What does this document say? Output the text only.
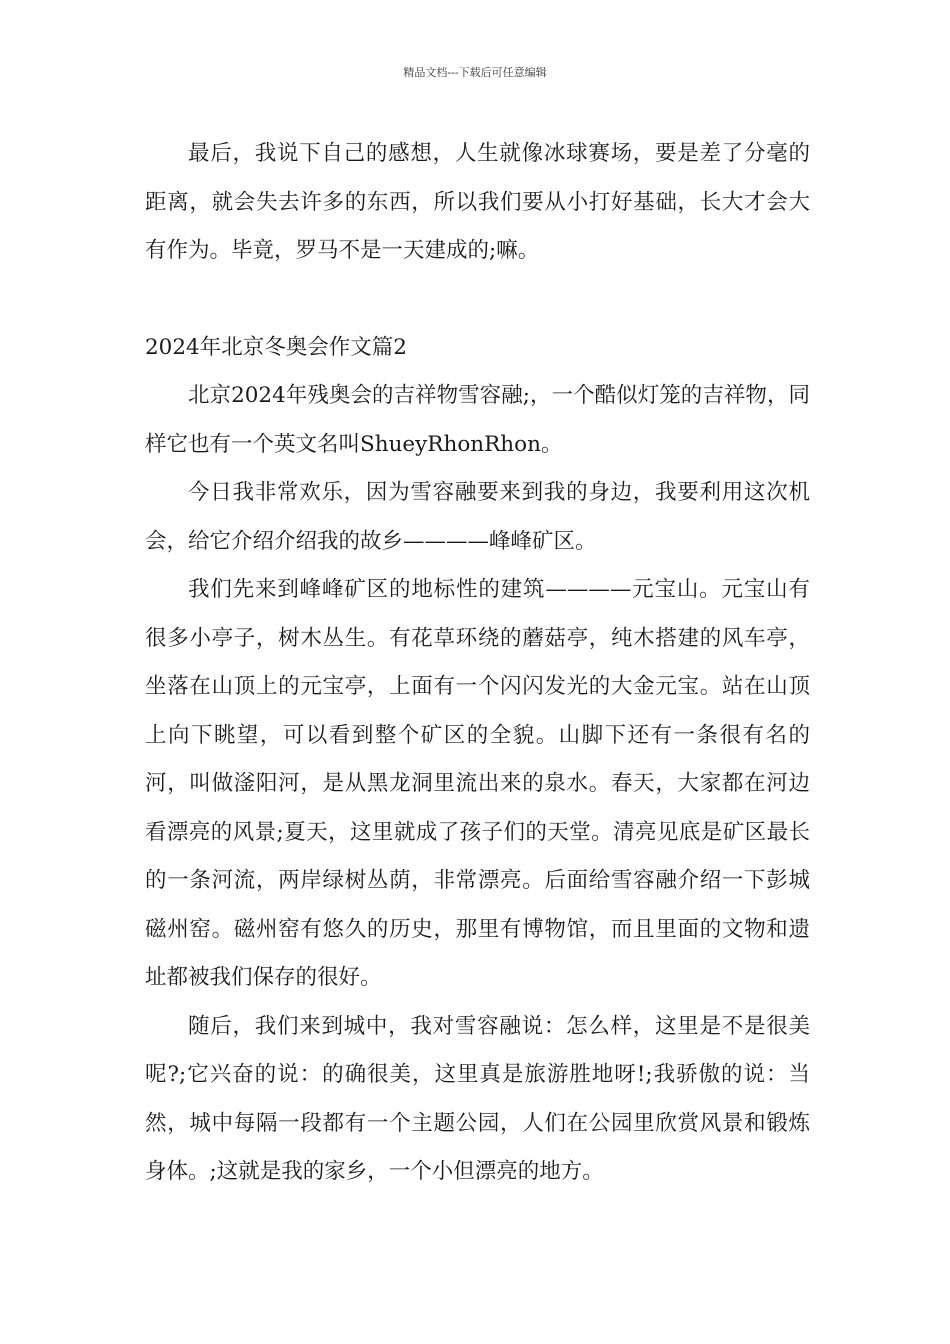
精品文档---下载后可任意编辑

最后，我说下自己的感想，人生就像冰球赛场，要是差了分毫的距离，就会失去许多的东西，所以我们要从小打好基础，长大才会大有作为。毕竟，罗马不是一天建成的;嘛。

2024年北京冬奥会作文篇2

北京2024年残奥会的吉祥物雪容融;，一个酷似灯笼的吉祥物，同样它也有一个英文名叫ShueyRhonRhon。

今日我非常欢乐，因为雪容融要来到我的身边，我要利用这次机会，给它介绍介绍我的故乡————峰峰矿区。

我们先来到峰峰矿区的地标性的建筑————元宝山。元宝山有很多小亭子，树木丛生。有花草环绕的蘑菇亭，纯木搭建的风车亭，坐落在山顶上的元宝亭，上面有一个闪闪发光的大金元宝。站在山顶上向下眺望，可以看到整个矿区的全貌。山脚下还有一条很有名的河，叫做滏阳河，是从黑龙洞里流出来的泉水。春天，大家都在河边看漂亮的风景;夏天，这里就成了孩子们的天堂。清亮见底是矿区最长的一条河流，两岸绿树丛荫，非常漂亮。后面给雪容融介绍一下彭城磁州窑。磁州窑有悠久的历史，那里有博物馆，而且里面的文物和遗址都被我们保存的很好。

随后，我们来到城中，我对雪容融说：怎么样，这里是不是很美呢?;它兴奋的说：的确很美，这里真是旅游胜地呀!;我骄傲的说：当然，城中每隔一段都有一个主题公园，人们在公园里欣赏风景和锻炼身体。;这就是我的家乡，一个小但漂亮的地方。
